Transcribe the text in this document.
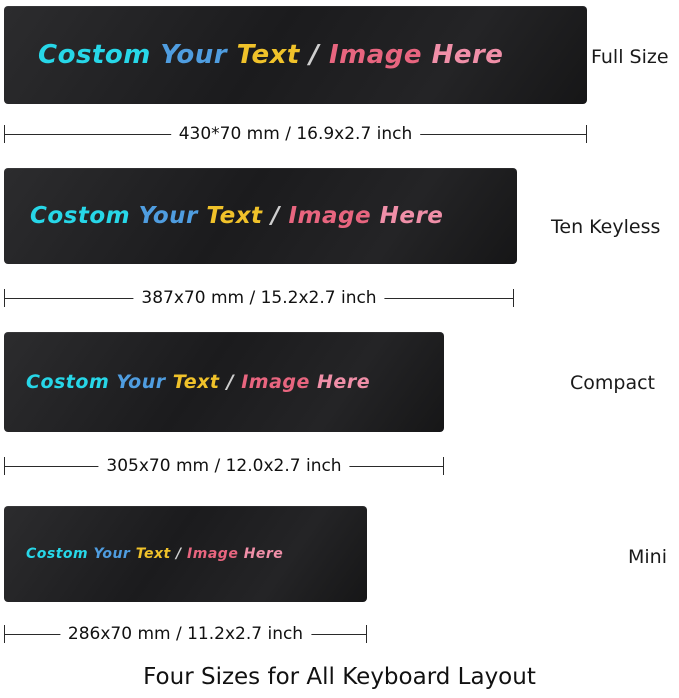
Costom Your Text / Image Here	Full Size
430*70 mm / 16.9x2.7 inch
Costom Your Text / Image Here	Ten Keyless
387x70 mm / 15.2x2.7 inch
Costom Your Text / Image Here	Compact
305x70 mm / 12.0x2.7 inch
Costom Your Text / Image Here	Mini
286x70 mm / 11.2x2.7 inch
Four Sizes for All Keyboard Layout
